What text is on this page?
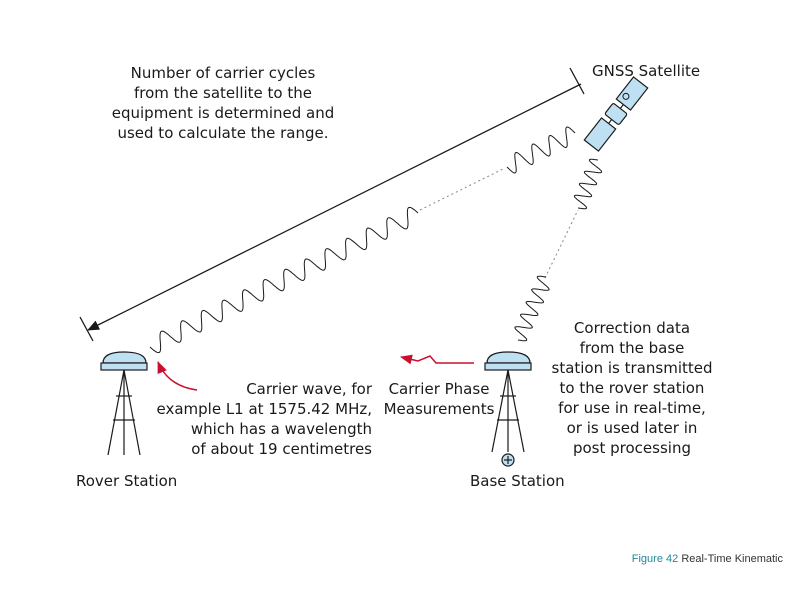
GNSS Satellite
Number of carrier cycles
from the satellite to the
equipment is determined and
used to calculate the range.
Correction data
from the base
station is transmitted
to the rover station
for use in real-time,
or is used later in
post processing
Carrier wave, for
example L1 at 1575.42 MHz,
which has a wavelength
of about 19 centimetres
Carrier Phase
Measurements
Rover Station	Base Station
Figure 42 Real-Time Kinematic
